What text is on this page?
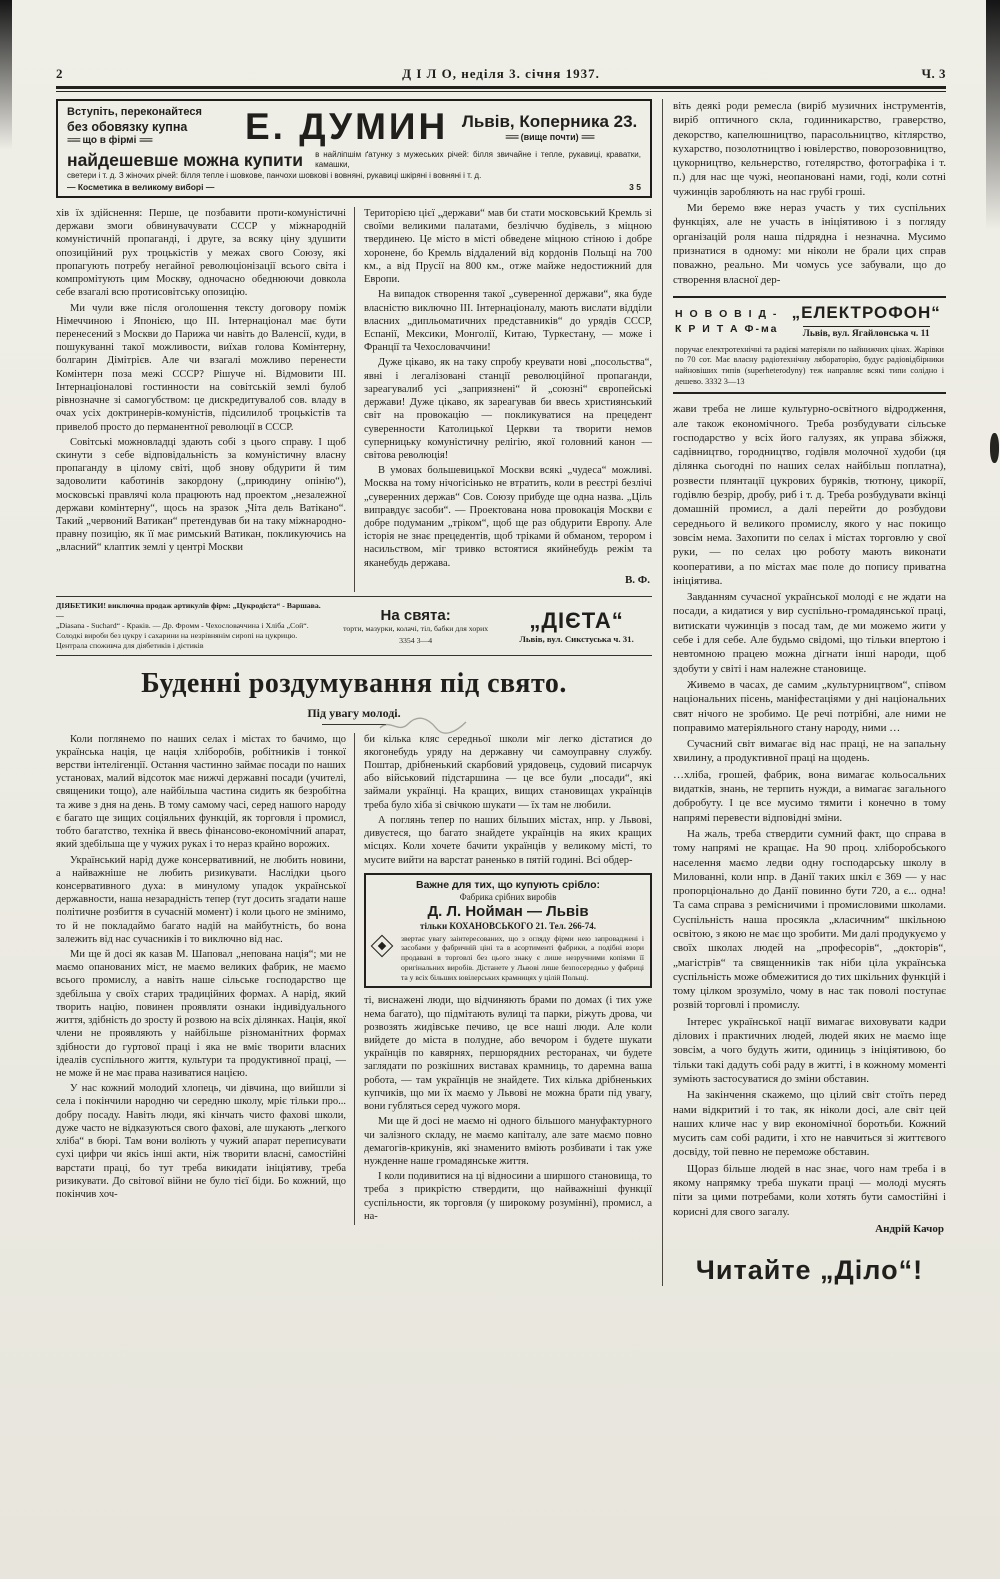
2	Д І Л О, неділя 3. січня 1937.	Ч. 3
Вступіть, переконайтеся
без обовязку купна
≡≡≡ що в фірмі ≡≡≡	Е. ДУМИН Львів, Коперника 23.
≡≡≡ (вище почти) ≡≡≡
найдешевше можна купити в найліпшім ґатунку з мужеських річей: білля звичайне і тепле, рукавиці, краватки, камашки,
светери і т. д. З жіночих річей: білля тепле і шовкове, панчохи шовкові і вовняні, рукавиці шкіряні і вовняні і т. д.
— Косметика в великому виборі —	3 5

хів їх здійснення: Перше, це позбавити проти-комуністичні держави змоги обвинувачувати СССР у міжнародній комуністичній пропаганді, і друге, за всяку ціну здушити опозиційний рух троцькістів у межах свого Союзу, які пропагують потребу негайної революціонізації всього світа і компромітують цим Москву, одночасно обеднюючи довкола себе взагалі всю протисовітську опозицію.

Ми чули вже після оголошення тексту договору поміж Німеччиною і Японією, що ІІІ. Інтернаціонал має бути перенесений з Москви до Парижа чи навіть до Валенсії, куди, в пошукуванні такої можливости, виїхав голова Комінтерну, болгарин Дімітрієв. Але чи взагалі можливо перенести Комінтерн поза межі СССР? Рішуче ні. Відмовити ІІІ. Інтернаціоналові гостинности на совітській землі булоб рівнозначне зі самогубством: це дискредитувалоб сов. владу в очах усіх доктринерів-комуністів, підсилилоб троцькістів та привелоб просто до перманентної революції в СССР.

Совітські можновладці здають собі з цього справу. І щоб скинути з себе відповідальність за комуністичну власну пропаганду в цілому світі, щоб знову обдурити й тим задоволити каботинів закордону („приюдину опінію“), московські правлячі кола працюють над проектом „незалежної держави комінтерну“, щось на зразок „Чіта дель Ватікано“. Такий „червоний Ватикан“ претендував би на таку міжнародно-правну позицію, як її має римський Ватикан, покликуючись на „власний“ клаптик землі у центрі Москви

Територією цієї „держави“ мав би стати московський Кремль зі своїми великими палатами, безліччю будівель, з міцною твердинею. Це місто в місті обведене міцною стіною і добре хоронене, бо Кремль віддалений від кордонів Польщі на 700 км., а від Прусії на 800 км., отже майже недостижний для Европи.

На випадок створення такої „суверенної держави“, яка буде власністю виключно ІІІ. Інтернаціоналу, мають вислати відділи власних „дипльоматичних представників“ до урядів СССР, Еспанії, Мексики, Монголії, Китаю, Туркестану, — може і Франції та Чехословаччини!

Дуже цікаво, як на таку спробу креувати нові „посольства“, явні і легалізовані станції революційної пропаганди, зареагувалиб усі „заприязнені“ й „союзні“ європейські держави! Дуже цікаво, як зареагував би ввесь християнський світ на провокацію — покликуватися на прецедент суверенности Католицької Церкви та творити немов суперницьку комуністичну релігію, якої головний канон — світова революція!

В умовах большевицької Москви всякі „чудеса“ можливі. Москва на тому нічогісінько не втратить, коли в реєстрі безлічі „суверенних держав“ Сов. Союзу прибуде ще одна назва. „Ціль виправдує засоби“. — Проектована нова провокація Москви є добре подуманим „тріком“, щоб ще раз обдурити Европу. Але історія не знає прецедентів, щоб тріками й обманом, терором і насильством, міг тривко встоятися якийнебудь режім та яканебудь держава.

В. Ф.

ДІЯБЕТИКИ! виключна продаж артикулів фірм: „Цукродієта“ - Варшава. —

„Diasana - Suchard“ - Краків. — Др. Фромм - Чехословаччина і Хліба „Сой“.

Солодкі вироби без цукру і сахарини на незрівнянім сиропі на цукрицю. Централа споживча для діябетиків і дієтиків

На свята:
торти, мазурки, колачі, тіл, бабки для хорих
3354 3—4
„ДІЄТА“
Львів, вул. Сикстуська ч. 31.
Буденні роздумування під свято.
Під увагу молоді.

Коли поглянемо по наших селах і містах то бачимо, що українська нація, це нація хліборобів, робітників і тонкої верстви інтелігенції. Остання частинно займає посади по наших установах, малий відсоток має нижчі державні посади (учителі, священики тощо), але найбільша частина сидить як безробітна та живе з дня на день. В тому самому часі, серед нашого народу є багато ще зищих соціяльних функцій, як торговля і промисл, тобто багатство, техніка й ввесь фінансово-економічний апарат, який здебільша ще у чужих руках і то нераз крайно ворожих.

Український нарід дуже консервативний, не любить новини, а найважніше не любить ризикувати. Наслідки цього консервативного духа: в минулому упадок української державности, наша незарадність тепер (тут досить згадати наше політичне розбиття в сучасній момент) і коли цього не змінимо, то й не покладаймо багато надій на майбутність, бо вона залежить від нас сучасників і то виключно від нас.

Ми ще й досі як казав М. Шаповал „непована нація“; ми не маємо опанованих міст, не маємо великих фабрик, не маємо всього промислу, а навіть наше сільське господарство ще здебільша у своїх старих традиційних формах. А нарід, який творить націю, повинен проявляти ознаки індивідуального життя, здібність до зросту й розвою на всіх ділянках. Нація, якої члени не проявляють у найбільше різноманітних формах здібности до гуртової праці і яка не вміє творити власних ідеалів суспільного життя, культури та продуктивної праці, — не може й не має права називатися нацією.

У нас кожний молодий хлопець, чи дівчина, що вийшли зі села і покінчили народню чи середню школу, мріє тільки про... добру посаду. Навіть люди, які кінчать чисто фахові школи, дуже часто не відказуються свого фахові, але шукають „легкого хліба“ в бюрі. Там вони воліють у чужий апарат переписувати сухі цифри чи якісь інші акти, ніж творити власні, самостійні варстати праці, бо тут треба викидати ініціятиву, треба ризикувати. До світової війни не було тієї біди. Бо кожний, що покінчив хоч-

би кілька кляс середньої школи міг легко дістатися до якогонебудь уряду на державну чи самоуправну службу. Поштар, дрібненький скарбовий урядовець, судовий писарчук або військовий підстаршина — це все були „посади“, які займали українці. На кращих, вищих становищах українців треба було хіба зі свічкою шукати — їх там не любили.

А поглянь тепер по наших більших містах, нпр. у Львові, дивуєтеся, що багато знайдете українців на яких кращих місцях. Коли хочете бачити українців у великому місті, то мусите вийти на варстат раненько в пятій годині. Всі обдер-

Важне для тих, що купують срібло:
Фабрика срібних виробів
Д. Л. Нойман — Львів
тільки КОХАНОВСЬКОГО 21. Тел. 266-74.

звертає увагу заінтересованих, що з огляду фірми нею запроваджені і засобами у фабричній ціні та в асортименті фабрики, а подібні взори продавані в торговлі без цього знаку є лише незручними копіями її оригінальних виробів. Дістанете у Львові лише безпосередньо у фабриці та у всіх більших ювілерських крамницях у цілій Польщі.

ті, виснажені люди, що відчиняють брами по домах (і тих уже нема багато), що підмітають вулиці та парки, ріжуть дрова, чи розвозять жидівське печиво, це все наші люди. Але коли вийдете до міста в полудне, або вечором і будете шукати українців по кавярнях, першорядних ресторанах, чи будете заглядати по розкішних виставах крамниць, то даремна ваша робота, — там українців не знайдете. Тих кілька дрібненьких купчиків, що ми їх маємо у Львові не можна брати під увагу, вони губляться серед чужого моря.

Ми ще й досі не маємо ні одного більшого мануфактурного чи залізного складу, не маємо капіталу, але зате маємо повно демагогів-крикунів, які знаменито вміють розбивати і так уже нужденне наше громадянське життя.

І коли подивитися на ці відносини а ширшого становища, то треба з прикрістю ствердити, що найважніші функції суспільности, як торговля (у широкому розумінні), промисл, а на-

віть деякі роди ремесла (виріб музичних інструментів, виріб оптичного скла, годинникарство, граверство, декорство, капелюшництво, парасольництво, кітлярство, кухарство, позолотництво і ювілерство, поворозовництво, цукорництво, кельнерство, готелярство, фотографіка і т. п.) для нас ще чужі, неопановані нами, годі, коли сотні чужинців заробляють на нас грубі гроші.

Ми беремо вже нераз участь у тих суспільних функціях, але не участь в ініціятивою і з погляду організацій роля наша підрядна і незначна. Мусимо признатися в одному: ми ніколи не брали цих справ поважно, реально. Ми чомусь усе забували, що до створення власної дер-

Н О В О В І Д -
К Р И Т А Ф-ма
„ЕЛЕКТРОФОН“
Львів, вул. Ягайлонська ч. 11

поручає електротехнічні та радієві матеріяли по найнижчих цінах. Жарівки по 70 сот. Має власну радіотехнічну лябораторію, будує радіовідбірники найновіших типів (superheterodyny) теж направляє всякі типи солідно і дешево. 3332 3—13

жави треба не лише культурно-освітного відродження, але також економічного. Треба розбудувати сільське господарство у всіх його галузях, як управа збіжжя, садівництво, городництво, годівля молочної худоби (ця ділянка сьогодні по наших селах найбільш поплатна), розвести плянтації цукрових буряків, тютюну, цикорії, годівлю безрір, дробу, риб і т. д. Треба розбудувати вкінці домашній промисл, а далі перейти до розбудови середнього й великого промислу, якого у нас покищо зовсім нема. Захопити по селах і містах торговлю у свої руки, — по селах цю роботу мають виконати кооперативи, а по містах має поле до попису приватна ініціятива.

Завданням сучасної української молоді є не ждати на посади, а кидатися у вир суспільно-громадянської праці, витискати чужинців з посад там, де ми можемо жити у себе і для себе. Але будьмо свідомі, що тільки впертою і невтомною працею можна дігнати інші народи, щоб здобути у світі і нам належне становище.

Живемо в часах, де самим „культурництвом“, співом національних пісень, маніфестаціями у дні національних свят нічого не зробимо. Це речі потрібні, але ними не поправимо матеріяльного стану народу, ними …

Сучасний світ вимагає від нас праці, не на запальну хвилину, а продуктивної праці на щодень.

…хліба, грошей, фабрик, вона вимагає кольосальних видатків, знань, не терпить нужди, а вимагає загального добробуту. І це все мусимо тямити і конечно в тому напрямі перевести відповідні зміни.

На жаль, треба ствердити сумний факт, що справа в тому напрямі не кращає. На 90 проц. хліборобського населення маємо ледви одну господарську школу в Милованні, коли нпр. в Данії таких шкіл є 369 — у нас пропорціонально до Данії повинно бути 720, а є... одна! Та сама справа з ремісничими і промисловими школами. Суспільність наша просякла „класичним“ шкільною освітою, з якою не має що зробити. Ми далі продукуємо у своїх школах людей на „професорів“, „докторів“, „магістрів“ та священників так ніби ціла українська суспільність може обмежитися до тих шкільних функцій і тому цілком зрозуміло, чому в нас так поволі поступає розвій торговлі і промислу.

Інтерес української нації вимагає виховувати кадри ділових і практичних людей, людей яких не маємо іще зовсім, а чого будуть жити, одиниць з ініціятивою, бо тільки такі дадуть собі раду в житті, і в кожному моменті зуміють застосуватися до зміни обставин.

На закінчення скажемо, що цілий світ стоїть перед нами відкритий і то так, як ніколи досі, але світ цей наших кличе нас у вир економічної боротьби. Кожний мусить сам собі радити, і хто не навчиться зі життєвого досвіду, той певно не переможе обставин.

Щораз більше людей в нас знає, чого нам треба і в якому напрямку треба шукати праці — молоді мусять піти за цими потребами, коли хотять бути самостійні і корисні для свого загалу.

Андрій Качор
Читайте „Діло“!
